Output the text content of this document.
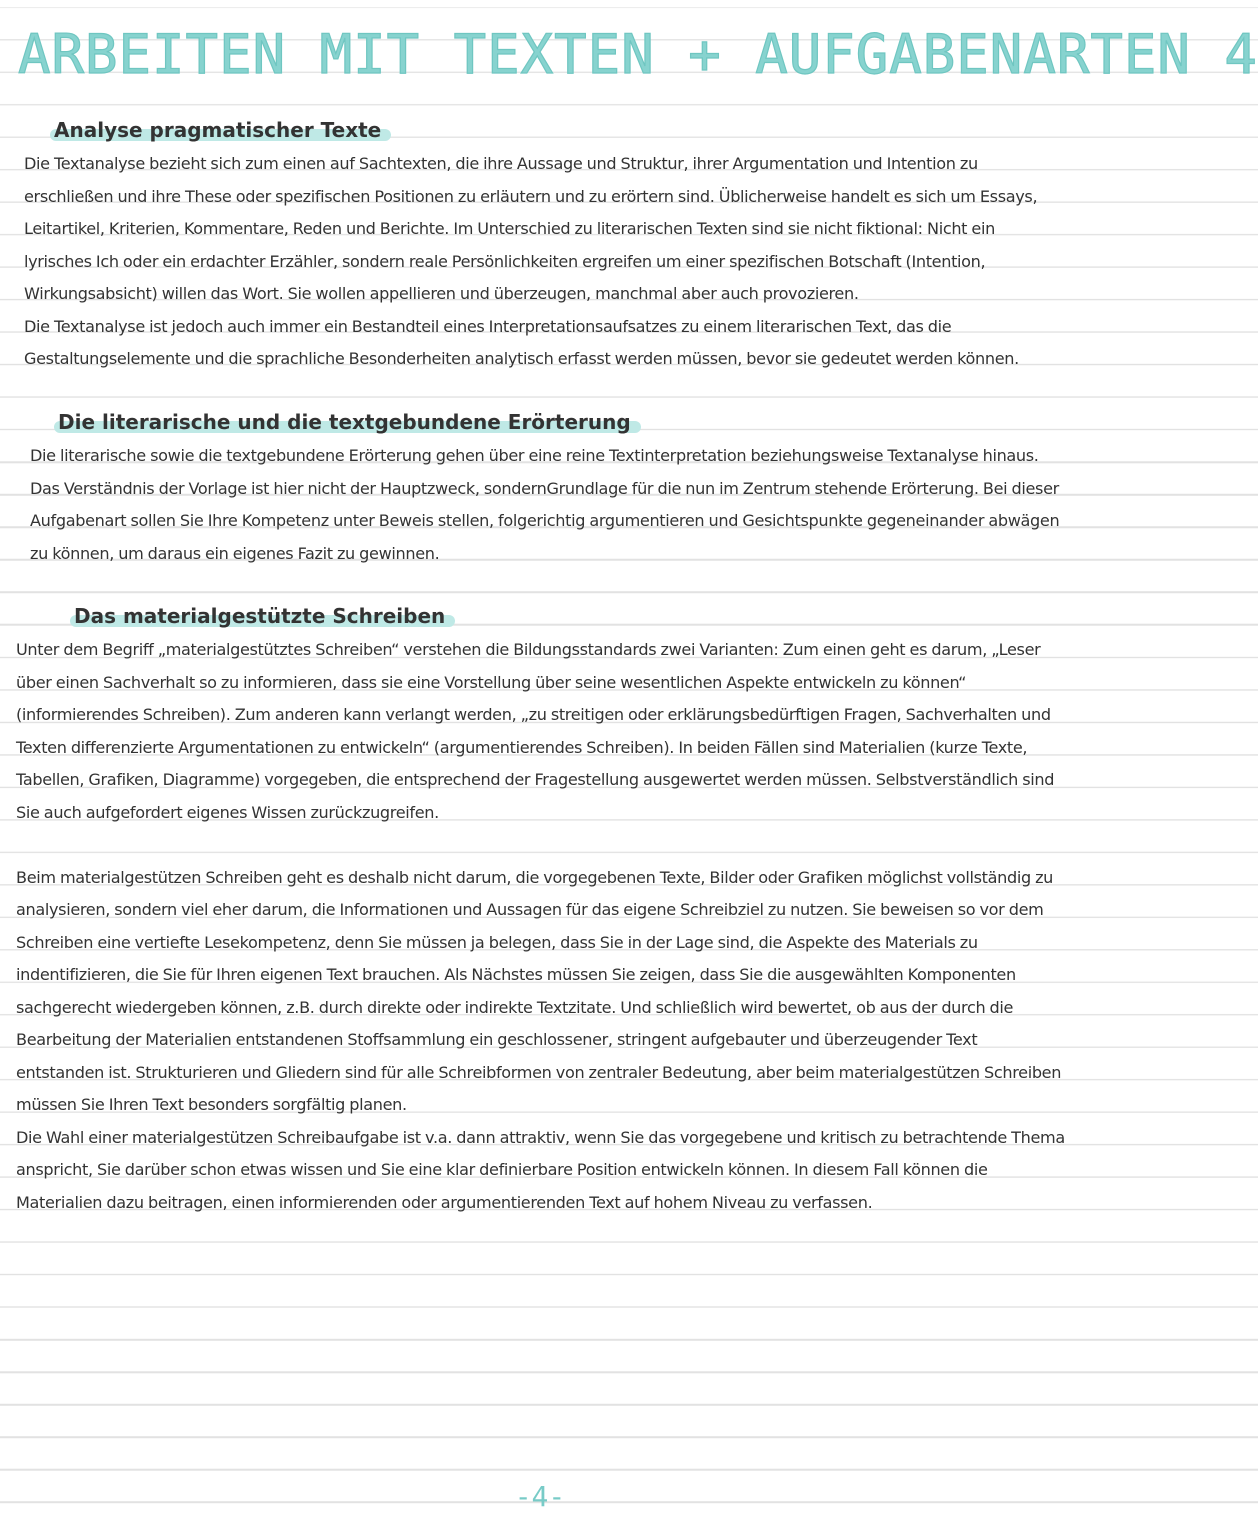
ARBEITEN MIT TEXTEN + AUFGABENARTEN 4
Analyse pragmatischer Texte

Die Textanalyse bezieht sich zum einen auf Sachtexten, die ihre Aussage und Struktur, ihrer Argumentation und Intention zu erschließen und ihre These oder spezifischen Positionen zu erläutern und zu erörtern sind. Üblicherweise handelt es sich um Essays, Leitartikel, Kriterien, Kommentare, Reden und Berichte. Im Unterschied zu literarischen Texten sind sie nicht fiktional: Nicht ein lyrisches Ich oder ein erdachter Erzähler, sondern reale Persönlichkeiten ergreifen um einer spezifischen Botschaft (Intention, Wirkungsabsicht) willen das Wort. Sie wollen appellieren und überzeugen, manchmal aber auch provozieren.

Die Textanalyse ist jedoch auch immer ein Bestandteil eines Interpretationsaufsatzes zu einem literarischen Text, das die Gestaltungselemente und die sprachliche Besonderheiten analytisch erfasst werden müssen, bevor sie gedeutet werden können.

Die literarische und die textgebundene Erörterung

Die literarische sowie die textgebundene Erörterung gehen über eine reine Textinterpretation beziehungsweise Textanalyse hinaus. Das Verständnis der Vorlage ist hier nicht der Hauptzweck, sondernGrundlage für die nun im Zentrum stehende Erörterung. Bei dieser Aufgabenart sollen Sie Ihre Kompetenz unter Beweis stellen, folgerichtig argumentieren und Gesichtspunkte gegeneinander abwägen zu können, um daraus ein eigenes Fazit zu gewinnen.

Das materialgestützte Schreiben

Unter dem Begriff „materialgestütztes Schreiben“ verstehen die Bildungsstandards zwei Varianten: Zum einen geht es darum, „Leser über einen Sachverhalt so zu informieren, dass sie eine Vorstellung über seine wesentlichen Aspekte entwickeln zu können“ (informierendes Schreiben). Zum anderen kann verlangt werden, „zu streitigen oder erklärungsbedürftigen Fragen, Sachverhalten und Texten differenzierte Argumentationen zu entwickeln“ (argumentierendes Schreiben). In beiden Fällen sind Materialien (kurze Texte, Tabellen, Grafiken, Diagramme) vorgegeben, die entsprechend der Fragestellung ausgewertet werden müssen. Selbstverständlich sind Sie auch aufgefordert eigenes Wissen zurückzugreifen.

Beim materialgestützen Schreiben geht es deshalb nicht darum, die vorgegebenen Texte, Bilder oder Grafiken möglichst vollständig zu analysieren, sondern viel eher darum, die Informationen und Aussagen für das eigene Schreibziel zu nutzen. Sie beweisen so vor dem Schreiben eine vertiefte Lesekompetenz, denn Sie müssen ja belegen, dass Sie in der Lage sind, die Aspekte des Materials zu indentifizieren, die Sie für Ihren eigenen Text brauchen. Als Nächstes müssen Sie zeigen, dass Sie die ausgewählten Komponenten sachgerecht wiedergeben können, z.B. durch direkte oder indirekte Textzitate. Und schließlich wird bewertet, ob aus der durch die Bearbeitung der Materialien entstandenen Stoffsammlung ein geschlossener, stringent aufgebauter und überzeugender Text entstanden ist. Strukturieren und Gliedern sind für alle Schreibformen von zentraler Bedeutung, aber beim materialgestützen Schreiben müssen Sie Ihren Text besonders sorgfältig planen.

Die Wahl einer materialgestützen Schreibaufgabe ist v.a. dann attraktiv, wenn Sie das vorgegebene und kritisch zu betrachtende Thema anspricht, Sie darüber schon etwas wissen und Sie eine klar definierbare Position entwickeln können. In diesem Fall können die Materialien dazu beitragen, einen informierenden oder argumentierenden Text auf hohem Niveau zu verfassen.

-4-
